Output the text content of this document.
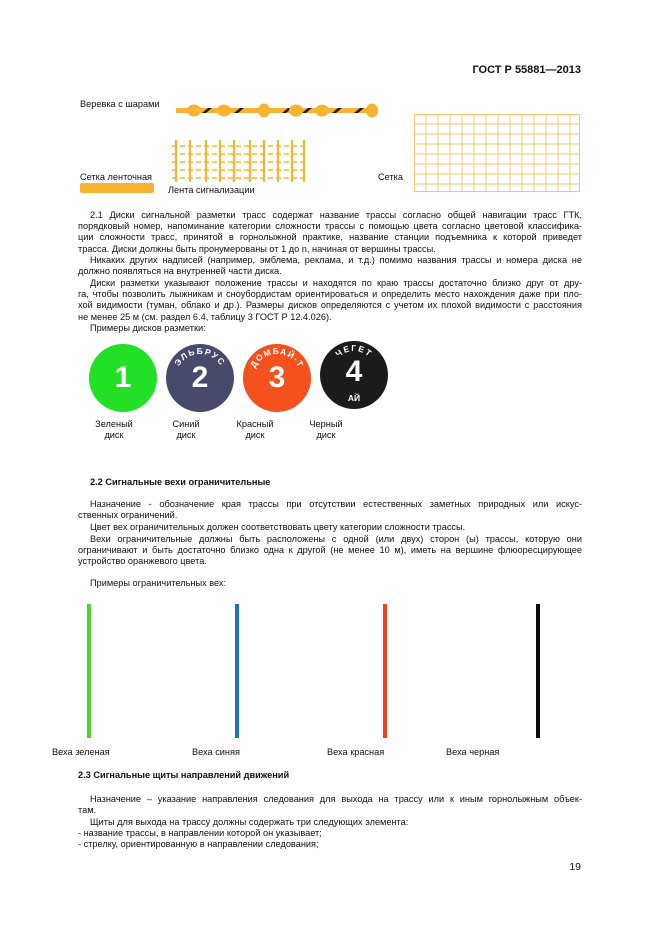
ГОСТ Р 55881—2013
Веревка с шарами
Сетка ленточная	Сетка
Лента сигнализации
2.1 Диски сигнальной разметки трасс содержат название трассы согласно общей навигации трасс ГТК,
порядковый номер, напоминание категории сложности трассы с помощью цвета согласно цветовой классифика-
ции сложности трасс, принятой в горнолыжной практике, название станции подъемника к которой приведет
трасса. Диски должны быть пронумерованы от 1 до n, начиная от вершины трассы.
Никаких других надписей (например, эмблема, реклама, и т.д.) помимо названия трассы и номера диска не
должно появляться на внутренней части диска.
Диски разметки указывают положение трассы и находятся по краю трассы достаточно близко друг от дру-
га, чтобы позволить лыжникам и сноубордистам ориентироваться и определить место нахождения даже при пло-
хой видимости (туман, облако и др.). Размеры дисков определяются с учетом их плохой видимости с расстояния
не менее 25 м (см. раздел 6.4, таблицу 3 ГОСТ Р 12.4.026).
Примеры дисков разметки:
1	ЭЛЬБРУС
2	ДОМБАЙ-Т
3
ЧЕГЕТ
4
АЙ
Зеленый
диск
Синий
диск
Красный
диск
Черный
диск
2.2 Сигнальные вехи ограничительные
Назначение - обозначение края трассы при отсутствии естественных заметных природных или искус-
ственных ограничений.
Цвет вех ограничительных должен соответствовать цвету категории сложности трассы.
Вехи ограничительные должны быть расположены с одной (или двух) сторон (ы) трассы, которую они
ограничивают и быть достаточно близко одна к другой (не менее 10 м), иметь на вершине флюоресцирующее
устройство оранжевого цвета.
Примеры ограничительных вех:
Веха зеленая	Веха синяя	Веха красная	Веха черная
2.3 Сигнальные щиты направлений движений
Назначение – указание направления следования для выхода на трассу или к иным горнолыжным объек-
там.
Щиты для выхода на трассу должны содержать три следующих элемента:
- название трассы, в направлении которой он указывает;
- стрелку, ориентированную в направлении следования;
19
